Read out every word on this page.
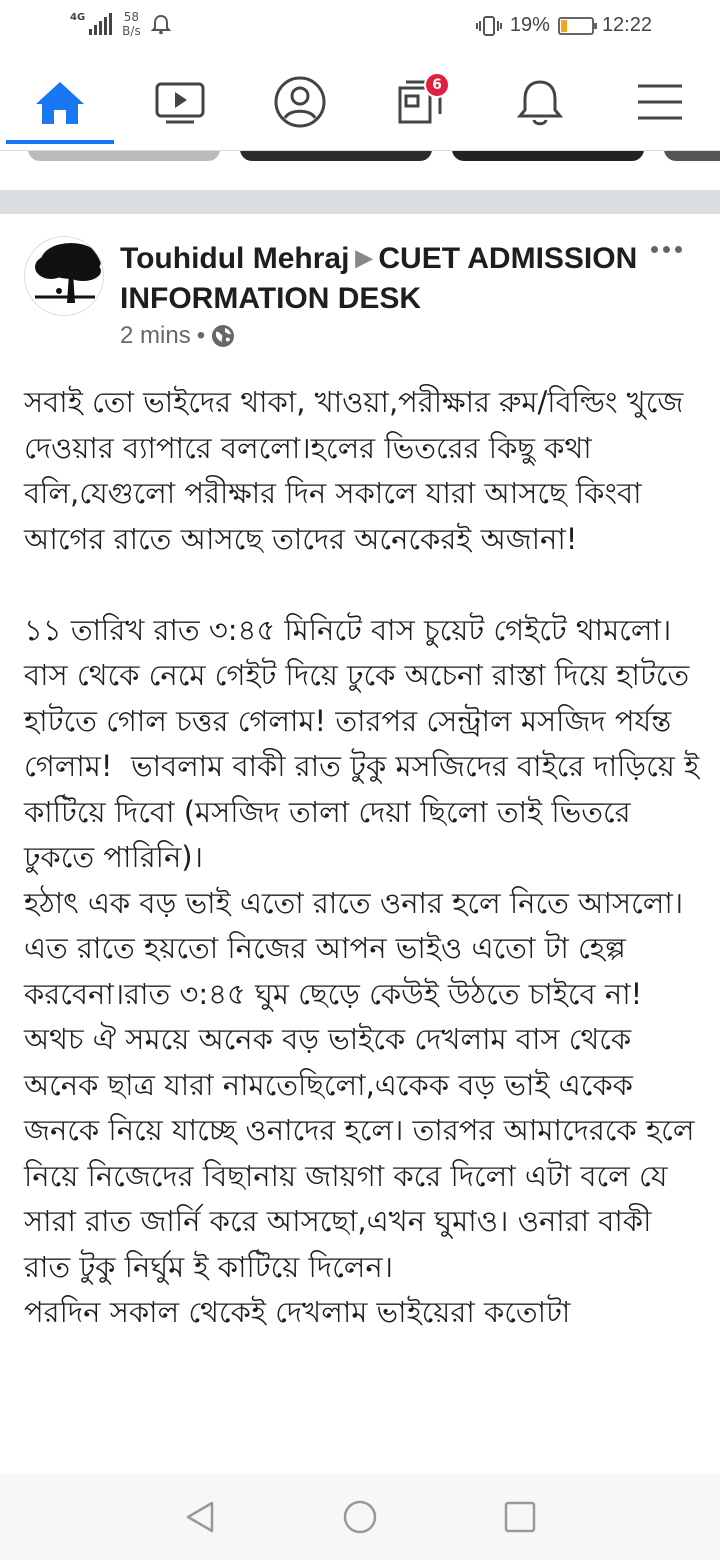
4G	58
B/s	19%	12:22
6
Touhidul Mehraj ▶ CUET ADMISSION INFORMATION DESK
2 mins •

সবাই তো ভাইদের থাকা, খাওয়া,পরীক্ষার রুম/বিল্ডিং খুজে দেওয়ার ব্যাপারে বললো।হলের ভিতরের কিছু কথা বলি,যেগুলো পরীক্ষার দিন সকালে যারা আসছে কিংবা আগের রাতে আসছে তাদের অনেকেরই অজানা!

১১ তারিখ রাত ৩:৪৫ মিনিটে বাস চুয়েট গেইটে থামলো।বাস থেকে নেমে গেইট দিয়ে ঢুকে অচেনা রাস্তা দিয়ে হাটতে হাটতে গোল চত্তর গেলাম! তারপর সেন্ট্রাল মসজিদ পর্যন্ত গেলাম!  ভাবলাম বাকী রাত টুকু মসজিদের বাইরে দাড়িয়ে ই কাটিয়ে দিবো (মসজিদ তালা দেয়া ছিলো তাই ভিতরে ঢুকতে পারিনি)।

হঠাৎ এক বড় ভাই এতো রাতে ওনার হলে নিতে আসলো। এত রাতে হয়তো নিজের আপন ভাইও এতো টা হেল্প করবেনা।রাত ৩:৪৫ ঘুম ছেড়ে কেউই উঠতে চাইবে না! অথচ ঐ সময়ে অনেক বড় ভাইকে দেখলাম বাস থেকে অনেক ছাত্র যারা নামতেছিলো,একেক বড় ভাই একেক জনকে নিয়ে যাচ্ছে ওনাদের হলে। তারপর আমাদেরকে হলে নিয়ে নিজেদের বিছানায় জায়গা করে দিলো এটা বলে যে সারা রাত জার্নি করে আসছো,এখন ঘুমাও। ওনারা বাকী রাত টুকু নির্ঘুম ই কাটিয়ে দিলেন।

পরদিন সকাল থেকেই দেখলাম ভাইয়েরা কতোটা
